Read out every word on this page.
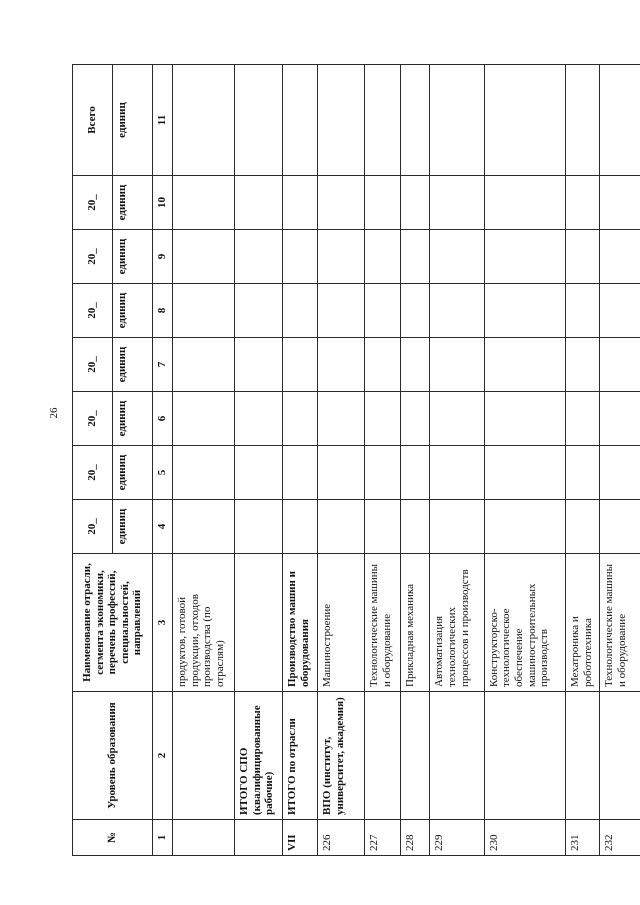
26
№	Уровень образования	Наименование отрасли, сегмента экономики, перечень профессий, специальностей, направлений	20_	20_	20_	20_	20_	20_	20_	Всего
			единиц	единиц	единиц	единиц	единиц	единиц	единиц	единиц
1	2	3	4	5	6	7	8	9	10	11
		продуктов, готовой продукции, отходов производства (по отраслям)								
	ИТОГО СПО (квалифицированные рабочие)									
VII	ИТОГО по отрасли	Производство машин и оборудования								
226	ВПО (институт, университет, академия)	Машиностроение								
227		Технологические машины и оборудование								
228		Прикладная механика								
229		Автоматизация технологических процессов и производств								
230		Конструкторско-технологическое обеспечение машиностроительных производств								
231		Мехатроника и робототехника								
232		Технологические машины и оборудование								
